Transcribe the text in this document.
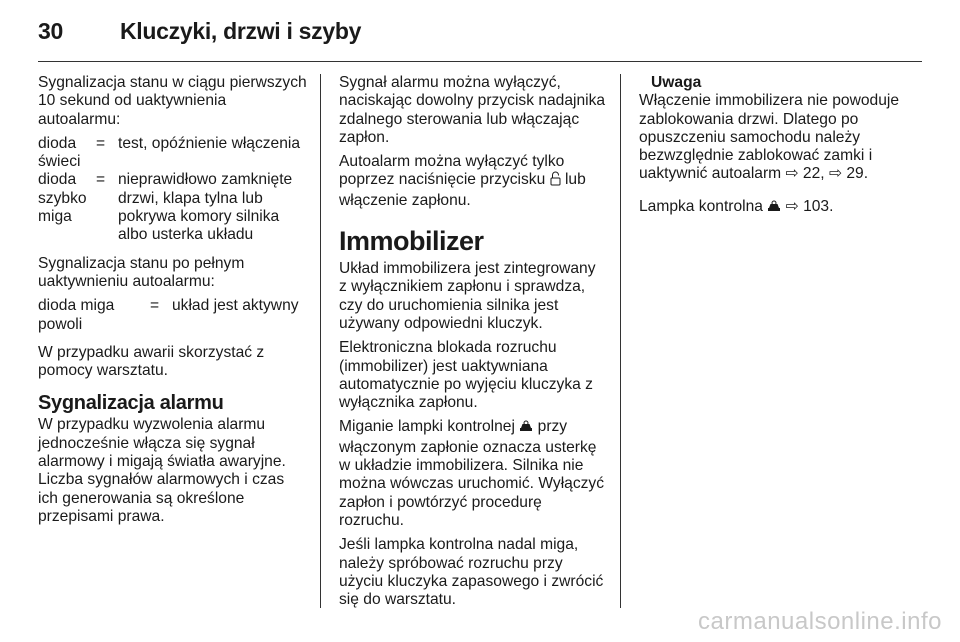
30 Kluczyki, drzwi i szyby

Sygnalizacja stanu w ciągu pierwszych 10 sekund od uaktywnienia autoalarmu:

dioda świeci
= test, opóźnienie włączenia
dioda szybko miga
= nieprawidłowo zamknięte drzwi, klapa tylna lub pokrywa komory silnika albo usterka układu

Sygnalizacja stanu po pełnym uaktywnieniu autoalarmu:

dioda miga powoli
= układ jest aktywny

W przypadku awarii skorzystać z pomocy warsztatu.

Sygnalizacja alarmu

W przypadku wyzwolenia alarmu jednocześnie włącza się sygnał alarmowy i migają światła awaryjne. Liczba sygnałów alarmowych i czas ich generowania są określone przepisami prawa.

Sygnał alarmu można wyłączyć, naciskając dowolny przycisk nadajnika zdalnego sterowania lub włączając zapłon.

Autoalarm można wyłączyć tylko poprzez naciśnięcie przycisku lub włączenie zapłonu.

Immobilizer

Układ immobilizera jest zintegrowany z wyłącznikiem zapłonu i sprawdza, czy do uruchomienia silnika jest używany odpowiedni kluczyk.

Elektroniczna blokada rozruchu (immobilizer) jest uaktywniana automatycznie po wyjęciu kluczyka z wyłącznika zapłonu.

Miganie lampki kontrolnej przy włączonym zapłonie oznacza usterkę w układzie immobilizera. Silnika nie można wówczas uruchomić. Wyłączyć zapłon i powtórzyć procedurę rozruchu.

Jeśli lampka kontrolna nadal miga, należy spróbować rozruchu przy użyciu kluczyka zapasowego i zwrócić się do warsztatu.

Uwaga

Włączenie immobilizera nie powoduje zablokowania drzwi. Dlatego po opuszczeniu samochodu należy bezwzględnie zablokować zamki i uaktywnić autoalarm ⇨ 22, ⇨ 29.

Lampka kontrolna ⇨ 103.

carmanualsonline.info
